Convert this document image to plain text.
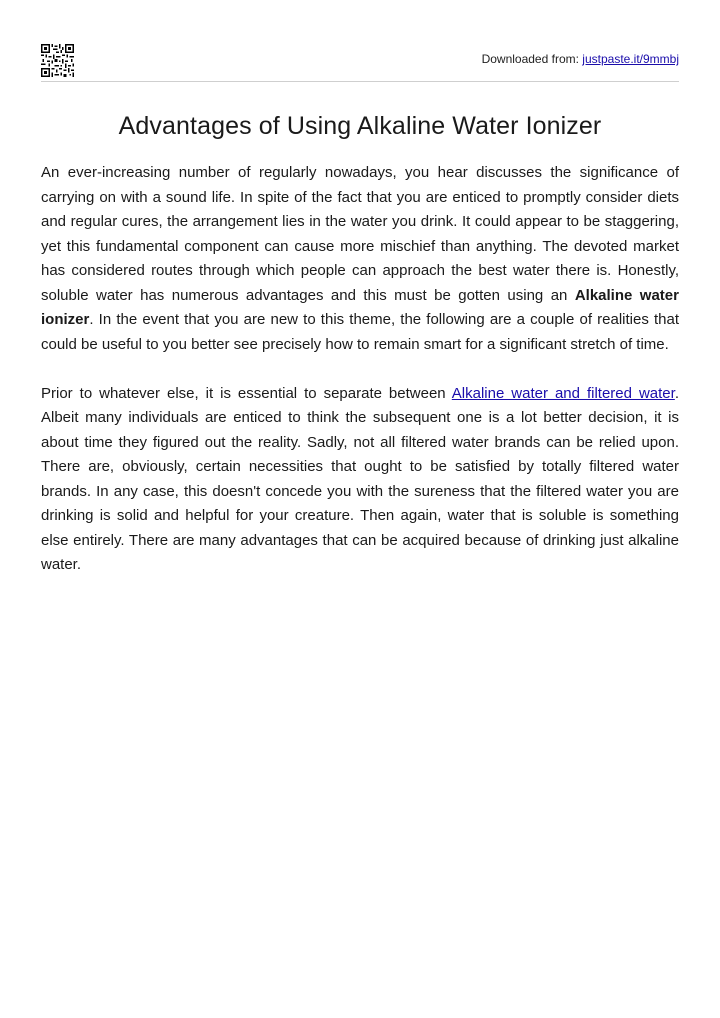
Downloaded from: justpaste.it/9mmbj
Advantages of Using Alkaline Water Ionizer

An ever-increasing number of regularly nowadays, you hear discusses the significance of carrying on with a sound life. In spite of the fact that you are enticed to promptly consider diets and regular cures, the arrangement lies in the water you drink. It could appear to be staggering, yet this fundamental component can cause more mischief than anything. The devoted market has considered routes through which people can approach the best water there is. Honestly, soluble water has numerous advantages and this must be gotten using an Alkaline water ionizer. In the event that you are new to this theme, the following are a couple of realities that could be useful to you better see precisely how to remain smart for a significant stretch of time.

Prior to whatever else, it is essential to separate between Alkaline water and filtered water. Albeit many individuals are enticed to think the subsequent one is a lot better decision, it is about time they figured out the reality. Sadly, not all filtered water brands can be relied upon. There are, obviously, certain necessities that ought to be satisfied by totally filtered water brands. In any case, this doesn't concede you with the sureness that the filtered water you are drinking is solid and helpful for your creature. Then again, water that is soluble is something else entirely. There are many advantages that can be acquired because of drinking just alkaline water.
